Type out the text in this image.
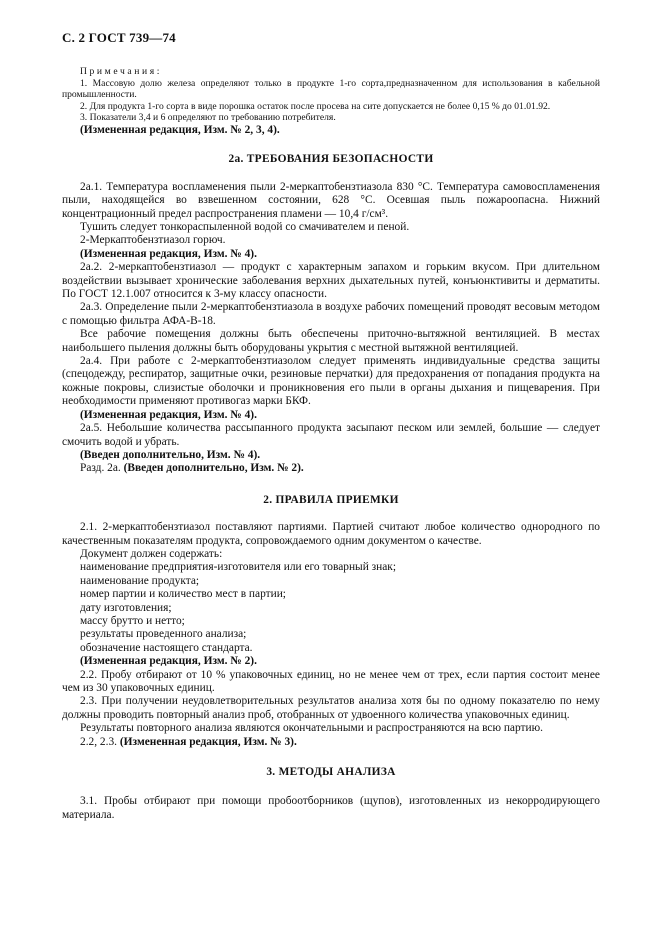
С. 2 ГОСТ 739—74

Примечания:

1. Массовую долю железа определяют только в продукте 1-го сорта,предназначенном для использования в кабельной промышленности.

2. Для продукта 1-го сорта в виде порошка остаток после просева на сите допускается не более 0,15 % до 01.01.92.

3. Показатели 3,4 и 6 определяют по требованию потребителя.

(Измененная редакция, Изм. № 2, 3, 4).

2а. ТРЕБОВАНИЯ БЕЗОПАСНОСТИ

2а.1. Температура воспламенения пыли 2-меркаптобензтиазола 830 °С. Температура самовоспламенения пыли, находящейся во взвешенном состоянии, 628 °С. Осевшая пыль пожароопасна. Нижний концентрационный предел распространения пламени — 10,4 г/см³.

Тушить следует тонкораспыленной водой со смачивателем и пеной.

2-Меркаптобензтиазол горюч.

(Измененная редакция, Изм. № 4).

2а.2. 2-меркаптобензтиазол — продукт с характерным запахом и горьким вкусом. При длительном воздействии вызывает хронические заболевания верхних дыхательных путей, конъюнктивиты и дерматиты. По ГОСТ 12.1.007 относится к 3-му классу опасности.

2а.3. Определение пыли 2-меркаптобензтиазола в воздухе рабочих помещений проводят весовым методом с помощью фильтра АФА-В-18.

Все рабочие помещения должны быть обеспечены приточно-вытяжной вентиляцией. В местах наибольшего пыления должны быть оборудованы укрытия с местной вытяжной вентиляцией.

2а.4. При работе с 2-меркаптобензтиазолом следует применять индивидуальные средства защиты (спецодежду, респиратор, защитные очки, резиновые перчатки) для предохранения от попадания продукта на кожные покровы, слизистые оболочки и проникновения его пыли в органы дыхания и пищеварения. При необходимости применяют противогаз марки БКФ.

(Измененная редакция, Изм. № 4).

2а.5. Небольшие количества рассыпанного продукта засыпают песком или землей, большие — следует смочить водой и убрать.

(Введен дополнительно, Изм. № 4).

Разд. 2а. (Введен дополнительно, Изм. № 2).

2. ПРАВИЛА ПРИЕМКИ

2.1. 2-меркаптобензтиазол поставляют партиями. Партией считают любое количество однородного по качественным показателям продукта, сопровождаемого одним документом о качестве.

Документ должен содержать:

наименование предприятия-изготовителя или его товарный знак;

наименование продукта;

номер партии и количество мест в партии;

дату изготовления;

массу брутто и нетто;

результаты проведенного анализа;

обозначение настоящего стандарта.

(Измененная редакция, Изм. № 2).

2.2. Пробу отбирают от 10 % упаковочных единиц, но не менее чем от трех, если партия состоит менее чем из 30 упаковочных единиц.

2.3. При получении неудовлетворительных результатов анализа хотя бы по одному показателю по нему должны проводить повторный анализ проб, отобранных от удвоенного количества упаковочных единиц.

Результаты повторного анализа являются окончательными и распространяются на всю партию.

2.2, 2.3. (Измененная редакция, Изм. № 3).

3. МЕТОДЫ АНАЛИЗА

3.1. Пробы отбирают при помощи пробоотборников (щупов), изготовленных из некорродирующего материала.
